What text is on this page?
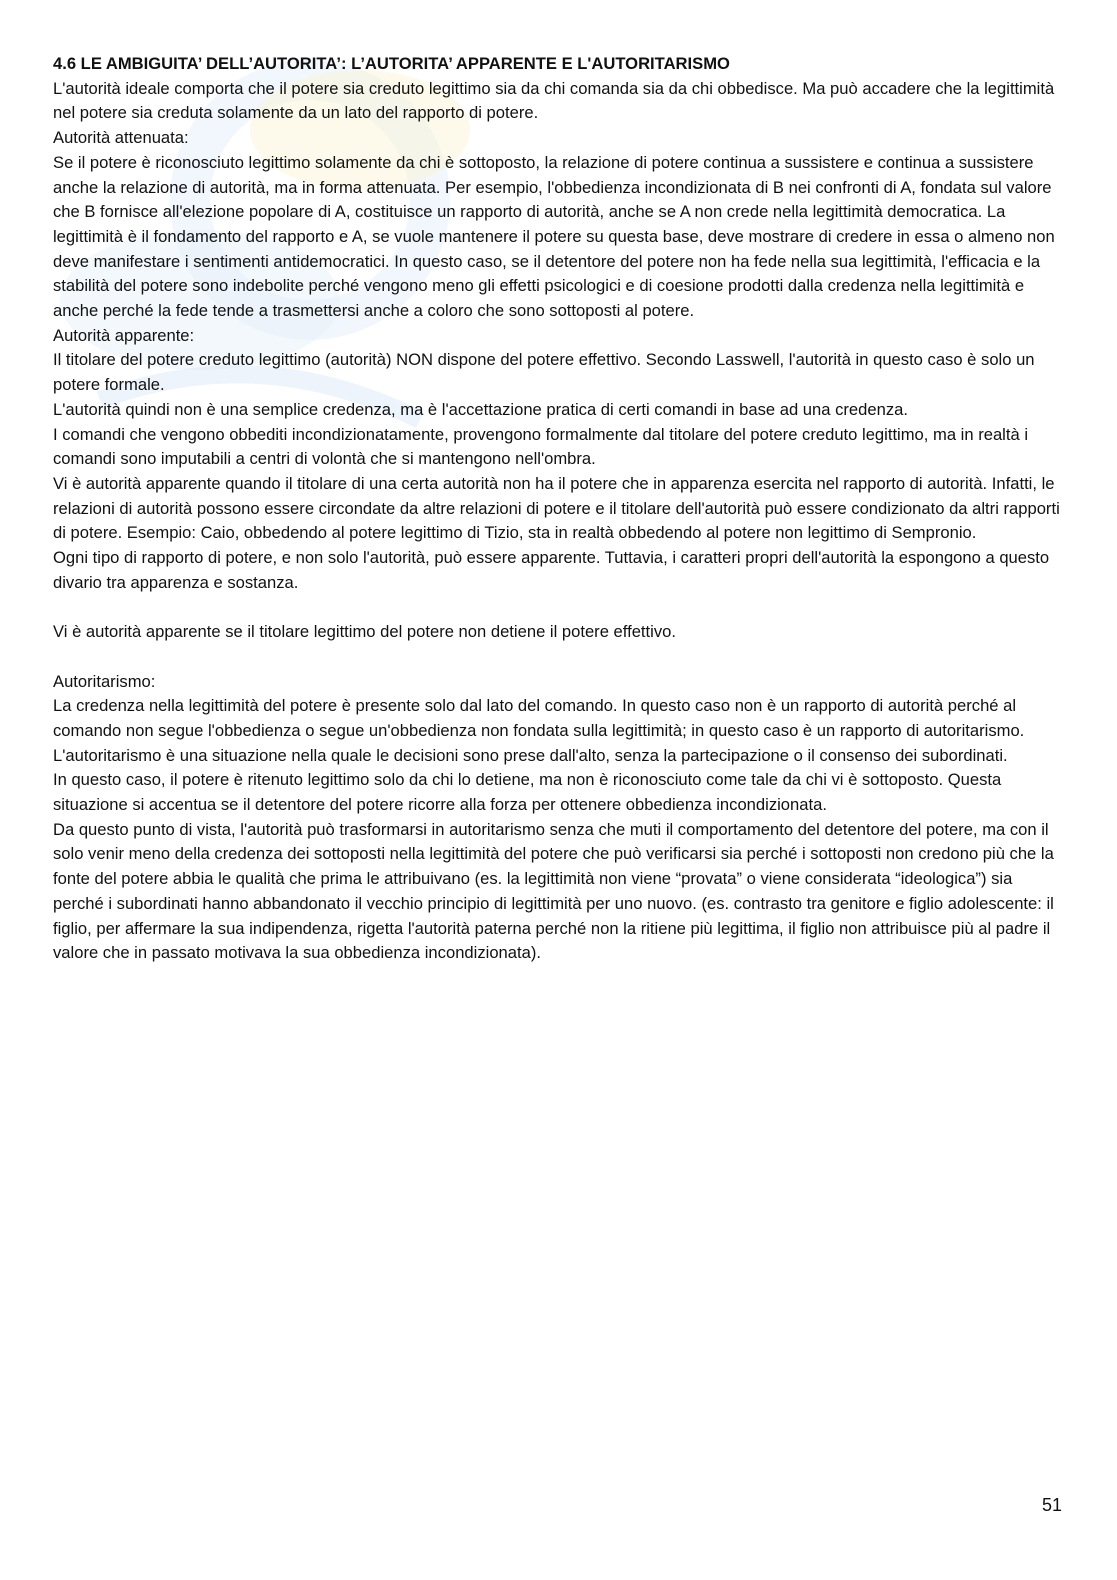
4.6 LE AMBIGUITA’ DELL’AUTORITA’: L’AUTORITA’ APPARENTE E L'AUTORITARISMO

L'autorità ideale comporta che il potere sia creduto legittimo sia da chi comanda sia da chi obbedisce. Ma può accadere che la legittimità nel potere sia creduta solamente da un lato del rapporto di potere.

Autorità attenuata:

Se il potere è riconosciuto legittimo solamente da chi è sottoposto, la relazione di potere continua a sussistere e continua a sussistere anche la relazione di autorità, ma in forma attenuata. Per esempio, l'obbedienza incondizionata di B nei confronti di A, fondata sul valore che B fornisce all'elezione popolare di A, costituisce un rapporto di autorità, anche se A non crede nella legittimità democratica. La legittimità è il fondamento del rapporto e A, se vuole mantenere il potere su questa base, deve mostrare di credere in essa o almeno non deve manifestare i sentimenti antidemocratici. In questo caso, se il detentore del potere non ha fede nella sua legittimità, l'efficacia e la stabilità del potere sono indebolite perché vengono meno gli effetti psicologici e di coesione prodotti dalla credenza nella legittimità e anche perché la fede tende a trasmettersi anche a coloro che sono sottoposti al potere.

Autorità apparente:

Il titolare del potere creduto legittimo (autorità) NON dispone del potere effettivo. Secondo Lasswell, l'autorità in questo caso è solo un potere formale.

L'autorità quindi non è una semplice credenza, ma è l'accettazione pratica di certi comandi in base ad una credenza.

I comandi che vengono obbediti incondizionatamente, provengono formalmente dal titolare del potere creduto legittimo, ma in realtà i comandi sono imputabili a centri di volontà che si mantengono nell'ombra.

Vi è autorità apparente quando il titolare di una certa autorità non ha il potere che in apparenza esercita nel rapporto di autorità. Infatti, le relazioni di autorità possono essere circondate da altre relazioni di potere e il titolare dell'autorità può essere condizionato da altri rapporti di potere. Esempio: Caio, obbedendo al potere legittimo di Tizio, sta in realtà obbedendo al potere non legittimo di Sempronio.

Ogni tipo di rapporto di potere, e non solo l'autorità, può essere apparente. Tuttavia, i caratteri propri dell'autorità la espongono a questo divario tra apparenza e sostanza.

Vi è autorità apparente se il titolare legittimo del potere non detiene il potere effettivo.

Autoritarismo:

La credenza nella legittimità del potere è presente solo dal lato del comando. In questo caso non è un rapporto di autorità perché al comando non segue l'obbedienza o segue un'obbedienza non fondata sulla legittimità; in questo caso è un rapporto di autoritarismo. L'autoritarismo è una situazione nella quale le decisioni sono prese dall'alto, senza la partecipazione o il consenso dei subordinati.

In questo caso, il potere è ritenuto legittimo solo da chi lo detiene, ma non è riconosciuto come tale da chi vi è sottoposto. Questa situazione si accentua se il detentore del potere ricorre alla forza per ottenere obbedienza incondizionata.

Da questo punto di vista, l'autorità può trasformarsi in autoritarismo senza che muti il comportamento del detentore del potere, ma con il solo venir meno della credenza dei sottoposti nella legittimità del potere che può verificarsi sia perché i sottoposti non credono più che la fonte del potere abbia le qualità che prima le attribuivano (es. la legittimità non viene “provata” o viene considerata “ideologica”) sia perché i subordinati hanno abbandonato il vecchio principio di legittimità per uno nuovo. (es. contrasto tra genitore e figlio adolescente: il figlio, per affermare la sua indipendenza, rigetta l'autorità paterna perché non la ritiene più legittima, il figlio non attribuisce più al padre il valore che in passato motivava la sua obbedienza incondizionata).

51
